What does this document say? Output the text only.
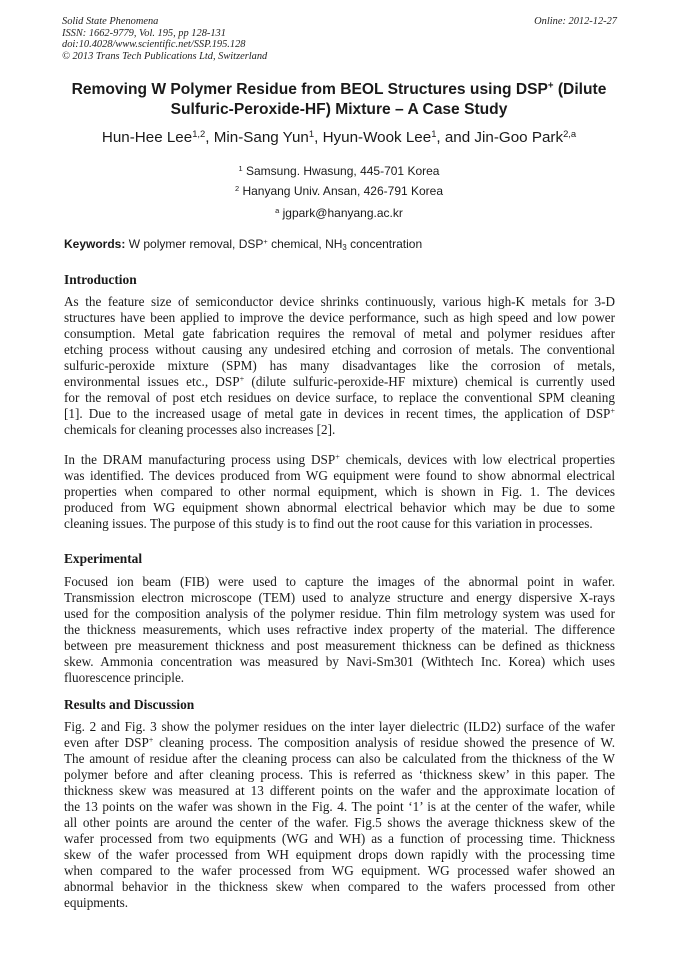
Solid State Phenomena
ISSN: 1662-9779, Vol. 195, pp 128-131
doi:10.4028/www.scientific.net/SSP.195.128
© 2013 Trans Tech Publications Ltd, Switzerland
Online: 2012-12-27
Removing W Polymer Residue from BEOL Structures using DSP+ (Dilute
Sulfuric-Peroxide-HF) Mixture – A Case Study
Hun-Hee Lee$^{1,2}$, Min-Sang Yun$^1$, Hyun-Wook Lee$^1$, and Jin-Goo Park$^{2,a}$
$^1$ Samsung. Hwasung, 445-701 Korea
$^2$ Hanyang Univ. Ansan, 426-791 Korea
$^a$ jgpark@hanyang.ac.kr
Keywords: W polymer removal, DSP+ chemical, $NH_3$ concentration
Introduction
As the feature size of semiconductor device shrinks continuously, various high-K metals for 3-D
structures have been applied to improve the device performance, such as high speed and low power
consumption. Metal gate fabrication requires the removal of metal and polymer residues after
etching process without causing any undesired etching and corrosion of metals. The conventional
sulfuric-peroxide mixture (SPM) has many disadvantages like the corrosion of metals,
environmental issues etc., DSP+ (dilute sulfuric-peroxide-HF mixture) chemical is currently used
for the removal of post etch residues on device surface, to replace the conventional SPM cleaning
[1]. Due to the increased usage of metal gate in devices in recent times, the application of DSP+
chemicals for cleaning processes also increases [2].
In the DRAM manufacturing process using DSP+ chemicals, devices with low electrical properties
was identified. The devices produced from WG equipment were found to show abnormal electrical
properties when compared to other normal equipment, which is shown in Fig. 1. The devices
produced from WG equipment shown abnormal electrical behavior which may be due to some
cleaning issues. The purpose of this study is to find out the root cause for this variation in processes.
Experimental
Focused ion beam (FIB) were used to capture the images of the abnormal point in wafer.
Transmission electron microscope (TEM) used to analyze structure and energy dispersive X-rays
used for the composition analysis of the polymer residue. Thin film metrology system was used for
the thickness measurements, which uses refractive index property of the material. The difference
between pre measurement thickness and post measurement thickness can be defined as thickness
skew. Ammonia concentration was measured by Navi-Sm301 (Withtech Inc. Korea) which uses
fluorescence principle.
Results and Discussion
Fig. 2 and Fig. 3 show the polymer residues on the inter layer dielectric (ILD2) surface of the wafer
even after DSP+ cleaning process. The composition analysis of residue showed the presence of W.
The amount of residue after the cleaning process can also be calculated from the thickness of the W
polymer before and after cleaning process. This is referred as ‘thickness skew’ in this paper. The
thickness skew was measured at 13 different points on the wafer and the approximate location of
the 13 points on the wafer was shown in the Fig. 4. The point ‘1’ is at the center of the wafer, while
all other points are around the center of the wafer. Fig.5 shows the average thickness skew of the
wafer processed from two equipments (WG and WH) as a function of processing time. Thickness
skew of the wafer processed from WH equipment drops down rapidly with the processing time
when compared to the wafer processed from WG equipment. WG processed wafer showed an
abnormal behavior in the thickness skew when compared to the wafers processed from other
equipments.
